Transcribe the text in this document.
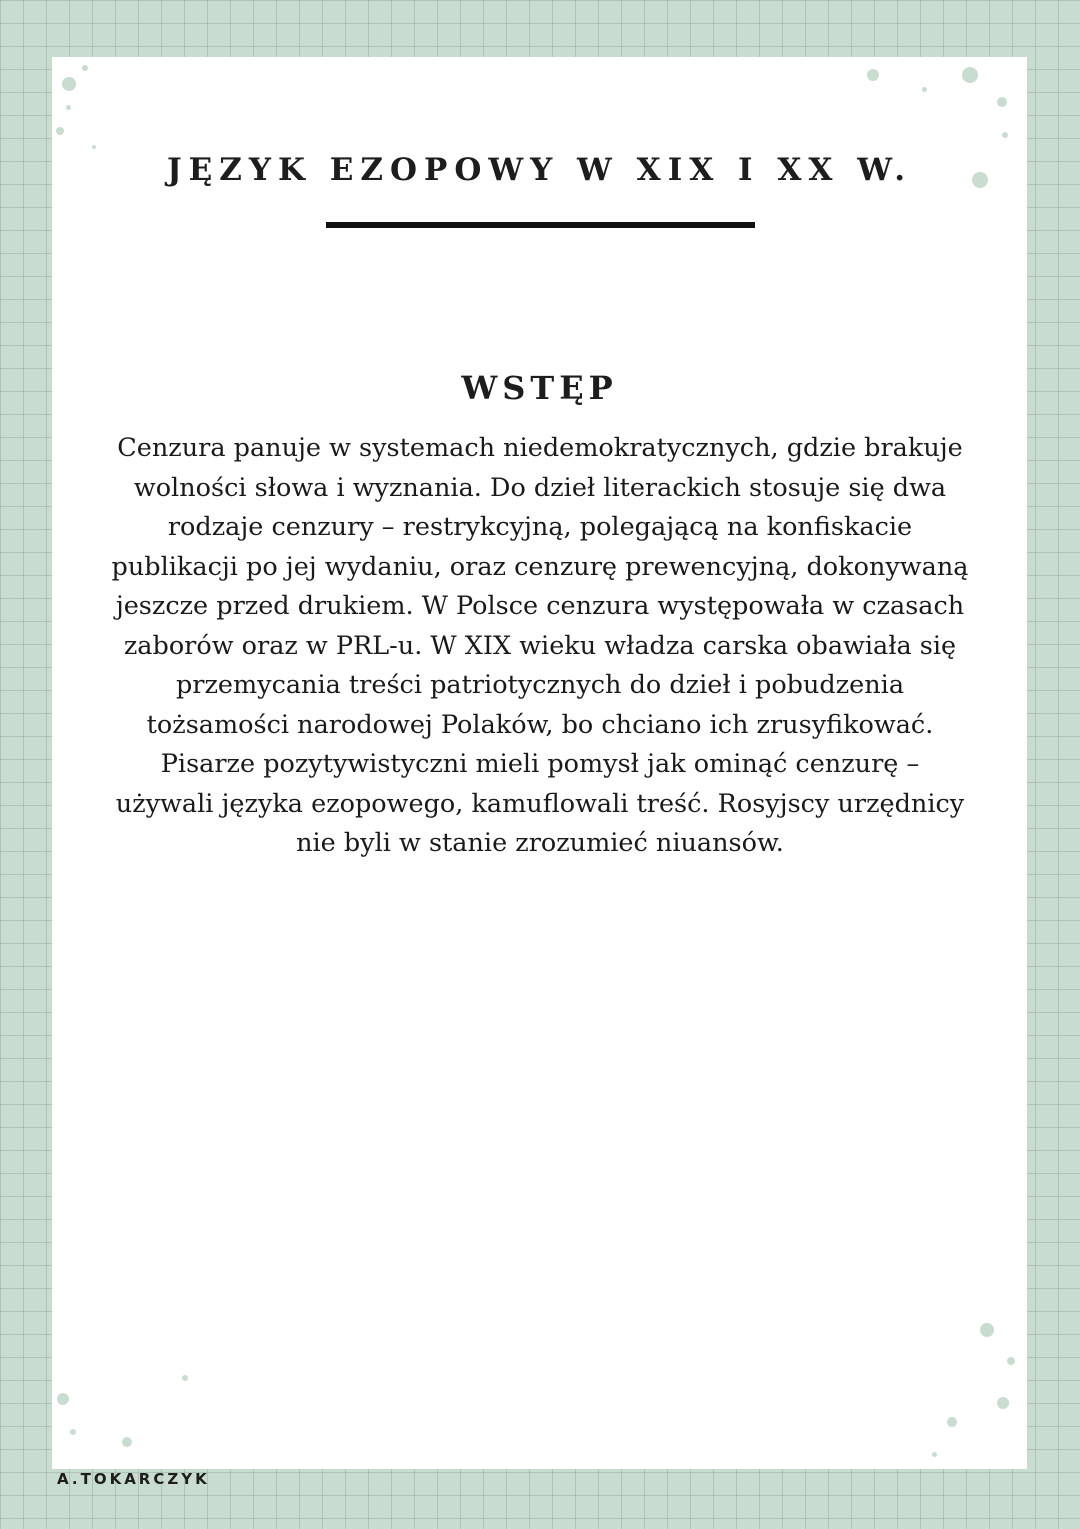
JĘZYK EZOPOWY W XIX I XX W.
WSTĘP

Cenzura panuje w systemach niedemokratycznych, gdzie brakuje wolności słowa i wyznania. Do dzieł literackich stosuje się dwa rodzaje cenzury – restrykcyjną, polegającą na konfiskacie publikacji po jej wydaniu, oraz cenzurę prewencyjną, dokonywaną jeszcze przed drukiem. W Polsce cenzura występowała w czasach zaborów oraz w PRL-u. W XIX wieku władza carska obawiała się przemycania treści patriotycznych do dzieł i pobudzenia tożsamości narodowej Polaków, bo chciano ich zrusyfikować. Pisarze pozytywistyczni mieli pomysł jak ominąć cenzurę – używali języka ezopowego, kamuflowali treść. Rosyjscy urzędnicy nie byli w stanie zrozumieć niuansów.

A.TOKARCZYK
